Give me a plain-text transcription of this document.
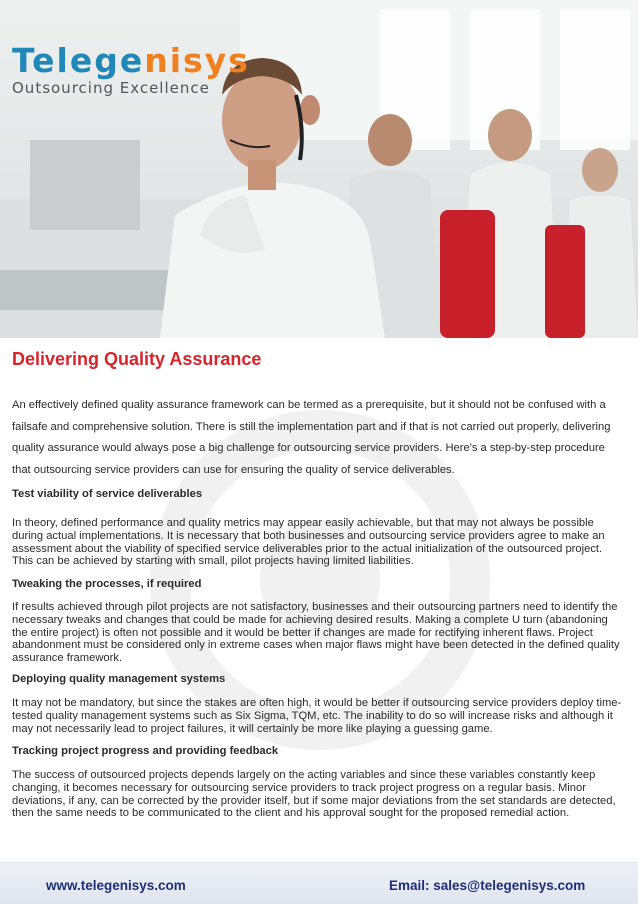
Telegenisys
Outsourcing Excellence
Delivering Quality Assurance

An effectively defined quality assurance framework can be termed as a prerequisite, but it should not be confused with a failsafe and comprehensive solution. There is still the implementation part and if that is not carried out properly, delivering quality assurance would always pose a big challenge for outsourcing service providers. Here's a step-by-step procedure that outsourcing service providers can use for ensuring the quality of service deliverables.

Test viability of service deliverables

In theory, defined performance and quality metrics may appear easily achievable, but that may not always be possible during actual implementations. It is necessary that both businesses and outsourcing service providers agree to make an assessment about the viability of specified service deliverables prior to the actual initialization of the outsourced project. This can be achieved by starting with small, pilot projects having limited liabilities.

Tweaking the processes, if required

If results achieved through pilot projects are not satisfactory, businesses and their outsourcing partners need to identify the necessary tweaks and changes that could be made for achieving desired results. Making a complete U turn (abandoning the entire project) is often not possible and it would be better if changes are made for rectifying inherent flaws. Project abandonment must be considered only in extreme cases when major flaws might have been detected in the defined quality assurance framework.

Deploying quality management systems

It may not be mandatory, but since the stakes are often high, it would be better if outsourcing service providers deploy time-tested quality management systems such as Six Sigma, TQM, etc. The inability to do so will increase risks and although it may not necessarily lead to project failures, it will certainly be more like playing a guessing game.

Tracking project progress and providing feedback

The success of outsourced projects depends largely on the acting variables and since these variables constantly keep changing, it becomes necessary for outsourcing service providers to track project progress on a regular basis. Minor deviations, if any, can be corrected by the provider itself, but if some major deviations from the set standards are detected, then the same needs to be communicated to the client and his approval sought for the proposed remedial action.

www.telegenisys.com	Email: sales@telegenisys.com
